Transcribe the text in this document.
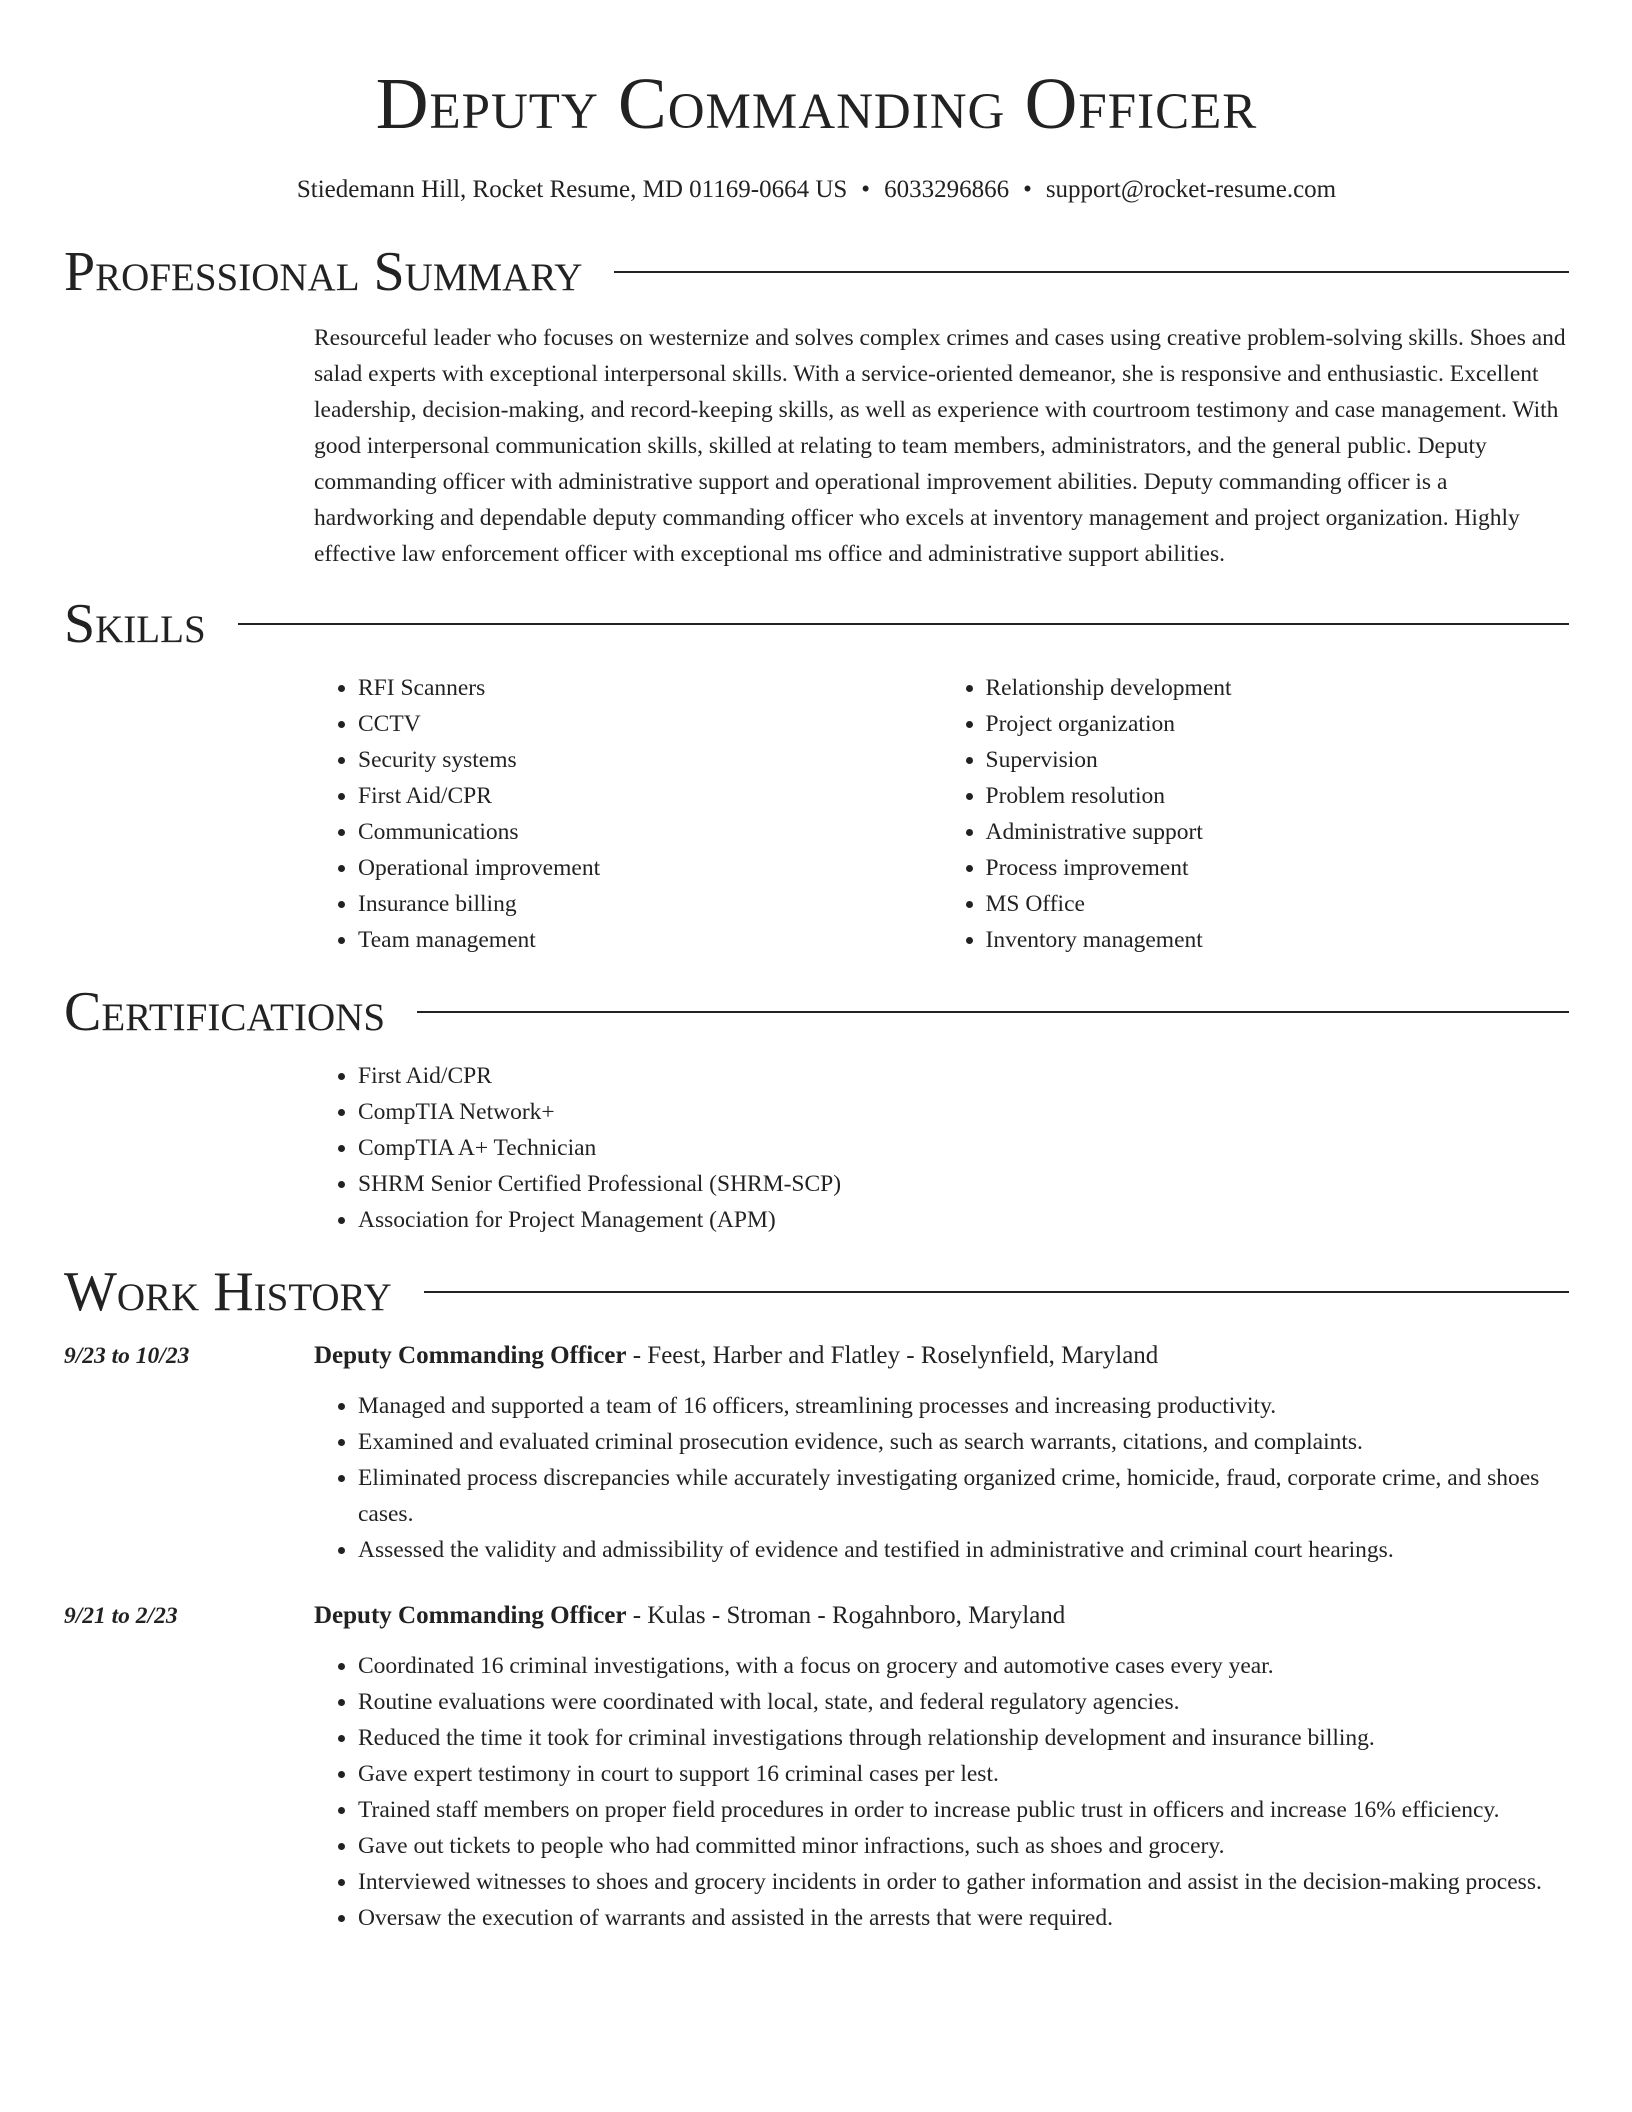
Deputy Commanding Officer
Stiedemann Hill, Rocket Resume, MD 01169-0664 US • 6033296866 • support@rocket-resume.com
Professional Summary

Resourceful leader who focuses on westernize and solves complex crimes and cases using creative problem-solving skills. Shoes and salad experts with exceptional interpersonal skills. With a service-oriented demeanor, she is responsive and enthusiastic. Excellent leadership, decision-making, and record-keeping skills, as well as experience with courtroom testimony and case management. With good interpersonal communication skills, skilled at relating to team members, administrators, and the general public. Deputy commanding officer with administrative support and operational improvement abilities. Deputy commanding officer is a hardworking and dependable deputy commanding officer who excels at inventory management and project organization. Highly effective law enforcement officer with exceptional ms office and administrative support abilities.

Skills
• RFI Scanners
• CCTV
• Security systems
• First Aid/CPR
• Communications
• Operational improvement
• Insurance billing
• Team management
• Relationship development
• Project organization
• Supervision
• Problem resolution
• Administrative support
• Process improvement
• MS Office
• Inventory management
Certifications
• First Aid/CPR
• CompTIA Network+
• CompTIA A+ Technician
• SHRM Senior Certified Professional (SHRM-SCP)
• Association for Project Management (APM)
Work History
9/23 to 10/23	Deputy Commanding Officer - Feest, Harber and Flatley - Roselynfield, Maryland
• Managed and supported a team of 16 officers, streamlining processes and increasing productivity.
• Examined and evaluated criminal prosecution evidence, such as search warrants, citations, and complaints.
• Eliminated process discrepancies while accurately investigating organized crime, homicide, fraud, corporate crime, and shoes cases.
• Assessed the validity and admissibility of evidence and testified in administrative and criminal court hearings.
9/21 to 2/23	Deputy Commanding Officer - Kulas - Stroman - Rogahnboro, Maryland
• Coordinated 16 criminal investigations, with a focus on grocery and automotive cases every year.
• Routine evaluations were coordinated with local, state, and federal regulatory agencies.
• Reduced the time it took for criminal investigations through relationship development and insurance billing.
• Gave expert testimony in court to support 16 criminal cases per lest.
• Trained staff members on proper field procedures in order to increase public trust in officers and increase 16% efficiency.
• Gave out tickets to people who had committed minor infractions, such as shoes and grocery.
• Interviewed witnesses to shoes and grocery incidents in order to gather information and assist in the decision-making process.
• Oversaw the execution of warrants and assisted in the arrests that were required.
